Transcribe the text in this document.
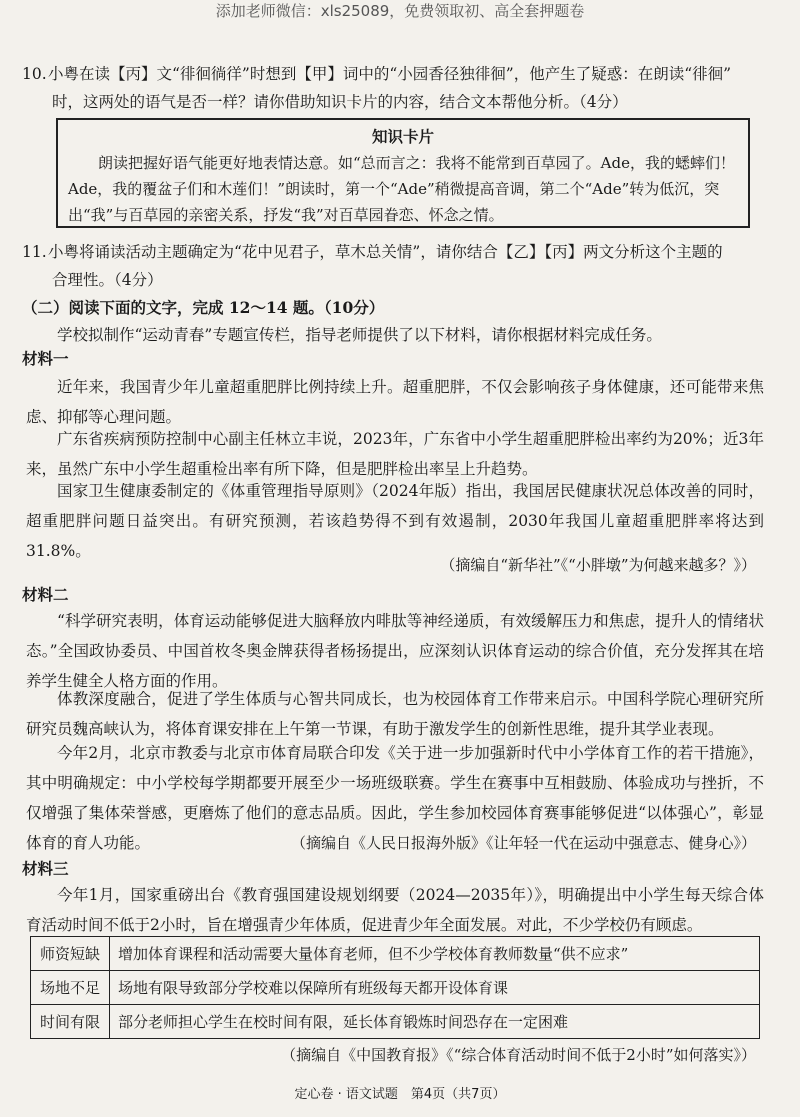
添加老师微信：xls25089，免费领取初、高全套押题卷
10.小粤在读【丙】文“徘徊徜徉”时想到【甲】词中的“小园香径独徘徊”，他产生了疑惑：在朗读“徘徊”
时，这两处的语气是否一样？请你借助知识卡片的内容，结合文本帮他分析。（4分）
知识卡片
朗读把握好语气能更好地表情达意。如“总而言之：我将不能常到百草园了。Ade，我的蟋蟀们！Ade，我的覆盆子们和木莲们！”朗读时，第一个“Ade”稍微提高音调，第二个“Ade”转为低沉，突出“我”与百草园的亲密关系，抒发“我”对百草园眷恋、怀念之情。
11.小粤将诵读活动主题确定为“花中见君子，草木总关情”，请你结合【乙】【丙】两文分析这个主题的
合理性。（4分）
（二）阅读下面的文字，完成 12～14 题。（10分）
学校拟制作“运动青春”专题宣传栏，指导老师提供了以下材料，请你根据材料完成任务。
材料一
近年来，我国青少年儿童超重肥胖比例持续上升。超重肥胖，不仅会影响孩子身体健康，还可能带来焦虑、抑郁等心理问题。
广东省疾病预防控制中心副主任林立丰说，2023年，广东省中小学生超重肥胖检出率约为20%；近3年来，虽然广东中小学生超重检出率有所下降，但是肥胖检出率呈上升趋势。
国家卫生健康委制定的《体重管理指导原则》（2024年版）指出，我国居民健康状况总体改善的同时，超重肥胖问题日益突出。有研究预测，若该趋势得不到有效遏制，2030年我国儿童超重肥胖率将达到31.8%。
（摘编自“新华社”《“小胖墩”为何越来越多？》）
材料二
“科学研究表明，体育运动能够促进大脑释放内啡肽等神经递质，有效缓解压力和焦虑，提升人的情绪状态。”全国政协委员、中国首枚冬奥金牌获得者杨扬提出，应深刻认识体育运动的综合价值，充分发挥其在培养学生健全人格方面的作用。
体教深度融合，促进了学生体质与心智共同成长，也为校园体育工作带来启示。中国科学院心理研究所研究员魏高峡认为，将体育课安排在上午第一节课，有助于激发学生的创新性思维，提升其学业表现。
今年2月，北京市教委与北京市体育局联合印发《关于进一步加强新时代中小学体育工作的若干措施》，其中明确规定：中小学校每学期都要开展至少一场班级联赛。学生在赛事中互相鼓励、体验成功与挫折，不仅增强了集体荣誉感，更磨炼了他们的意志品质。因此，学生参加校园体育赛事能够促进“以体强心”，彰显体育的育人功能。	（摘编自《人民日报海外版》《让年轻一代在运动中强意志、健身心》）
材料三
今年1月，国家重磅出台《教育强国建设规划纲要（2024—2035年）》，明确提出中小学生每天综合体育活动时间不低于2小时，旨在增强青少年体质，促进青少年全面发展。对此，不少学校仍有顾虑。
师资短缺	增加体育课程和活动需要大量体育老师，但不少学校体育教师数量“供不应求”
场地不足	场地有限导致部分学校难以保障所有班级每天都开设体育课
时间有限	部分老师担心学生在校时间有限，延长体育锻炼时间恐存在一定困难
（摘编自《中国教育报》《“综合体育活动时间不低于2小时”如何落实》）
定心卷 · 语文试题　第4页（共7页）
